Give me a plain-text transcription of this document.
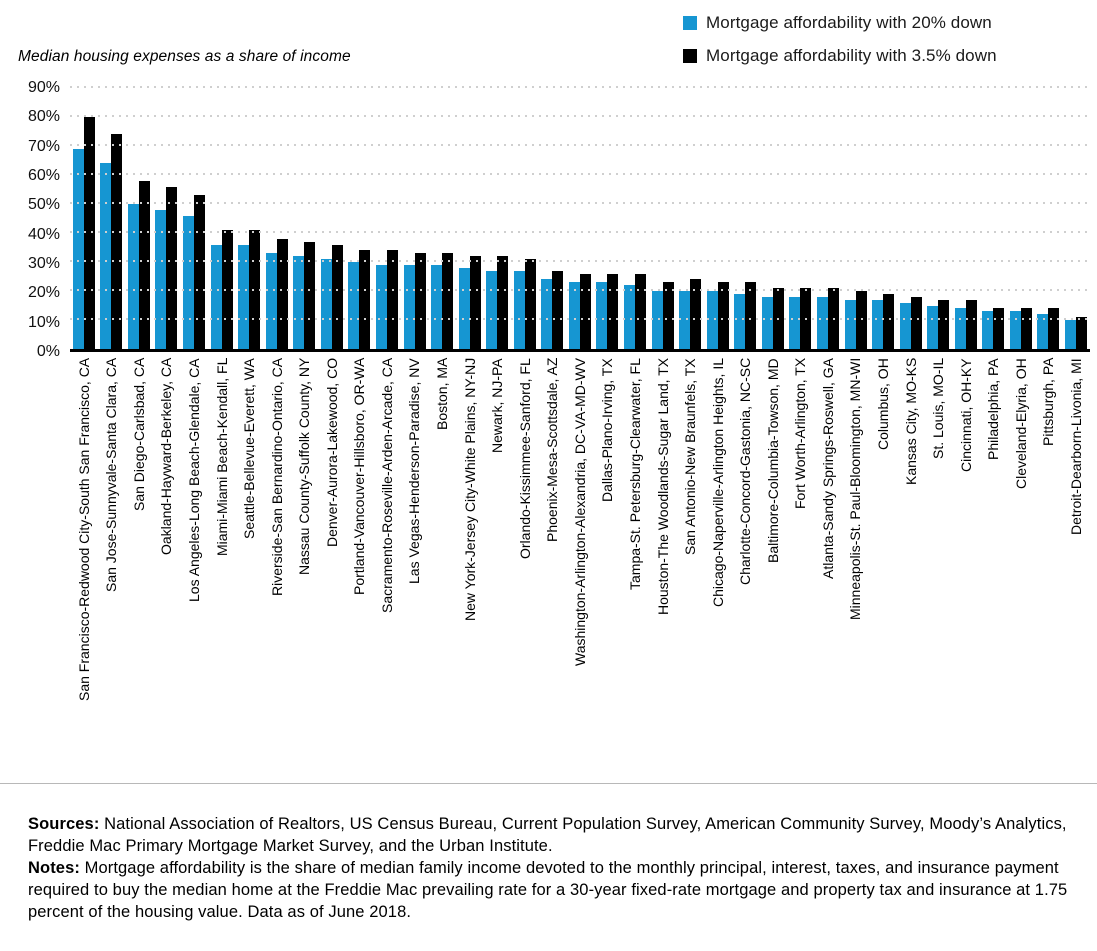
Median housing expenses as a share of income
Mortgage affordability with 20% down
Mortgage affordability with 3.5% down
0%
10%
20%
30%
40%
50%
60%
70%
80%
90%
San Francisco-Redwood City-South San Francisco, CA San Jose-Sunnyvale-Santa Clara, CA San Diego-Carlsbad, CA Oakland-Hayward-Berkeley, CA Los Angeles-Long Beach-Glendale, CA Miami-Miami Beach-Kendall, FL Seattle-Bellevue-Everett, WA Riverside-San Bernardino-Ontario, CA Nassau County-Suffolk County, NY Denver-Aurora-Lakewood, CO Portland-Vancouver-Hillsboro, OR-WA Sacramento-Roseville-Arden-Arcade, CA Las Vegas-Henderson-Paradise, NV Boston, MA New York-Jersey City-White Plains, NY-NJ Newark, NJ-PA Orlando-Kissimmee-Sanford, FL Phoenix-Mesa-Scottsdale, AZ Washington-Arlington-Alexandria, DC-VA-MD-WV Dallas-Plano-Irving, TX Tampa-St. Petersburg-Clearwater, FL Houston-The Woodlands-Sugar Land, TX San Antonio-New Braunfels, TX Chicago-Naperville-Arlington Heights, IL Charlotte-Concord-Gastonia, NC-SC Baltimore-Columbia-Towson, MD Fort Worth-Arlington, TX Atlanta-Sandy Springs-Roswell, GA Minneapolis-St. Paul-Bloomington, MN-WI Columbus, OH Kansas City, MO-KS St. Louis, MO-IL Cincinnati, OH-KY Philadelphia, PA Cleveland-Elyria, OH Pittsburgh, PA Detroit-Dearborn-Livonia, MI
Sources: National Association of Realtors, US Census Bureau, Current Population Survey, American Community Survey, Moody’s Analytics, Freddie Mac Primary Mortgage Market Survey, and the Urban Institute.
Notes: Mortgage affordability is the share of median family income devoted to the monthly principal, interest, taxes, and insurance payment required to buy the median home at the Freddie Mac prevailing rate for a 30-year fixed-rate mortgage and property tax and insurance at 1.75 percent of the housing value. Data as of June 2018.
